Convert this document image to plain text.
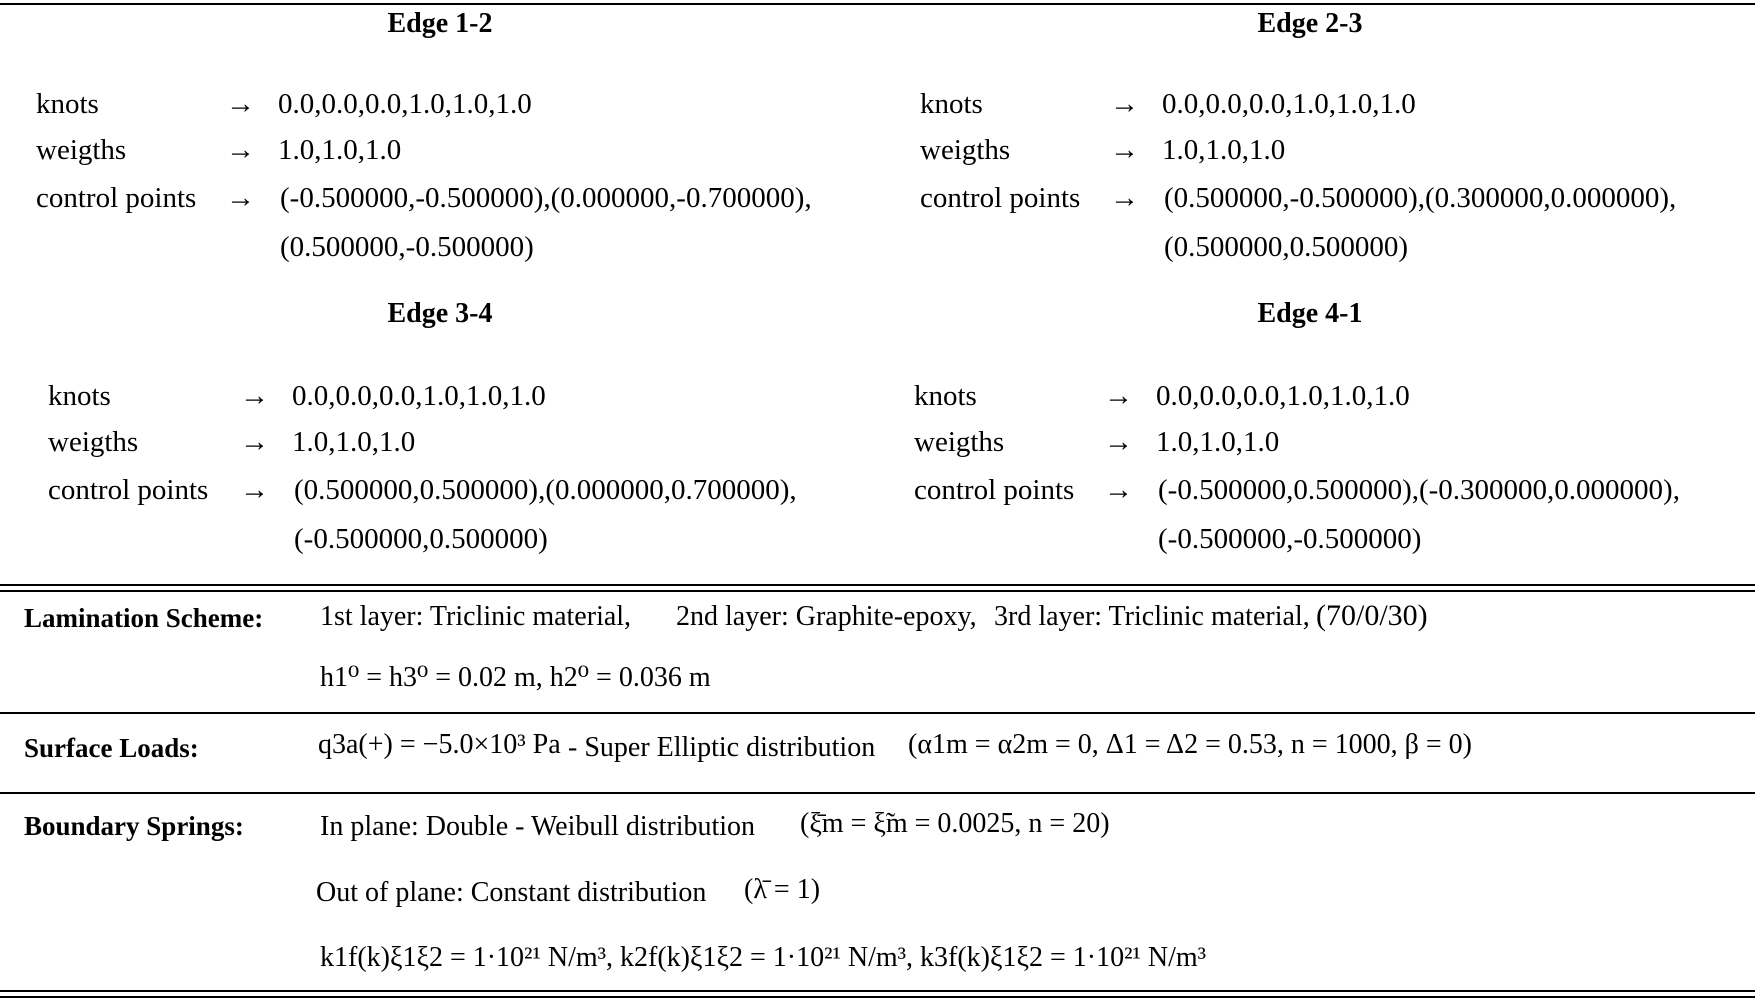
Edge 1-2
knots	→ 0.0,0.0,0.0,1.0,1.0,1.0
weigths	→ 1.0,1.0,1.0
control points → (-0.500000,-0.500000),(0.000000,-0.700000),
(0.500000,-0.500000)
Edge 2-3
knots	→ 0.0,0.0,0.0,1.0,1.0,1.0
weigths	→ 1.0,1.0,1.0
control points → (0.500000,-0.500000),(0.300000,0.000000),
(0.500000,0.500000)
Edge 3-4
knots	→ 0.0,0.0,0.0,1.0,1.0,1.0
weigths	→ 1.0,1.0,1.0
control points → (0.500000,0.500000),(0.000000,0.700000),
(-0.500000,0.500000)
Edge 4-1
knots	→ 0.0,0.0,0.0,1.0,1.0,1.0
weigths	→ 1.0,1.0,1.0
control points → (-0.500000,0.500000),(-0.300000,0.000000),
(-0.500000,-0.500000)
Lamination Scheme: 1st layer: Triclinic material, 2nd layer: Graphite-epoxy, 3rd layer: Triclinic material, (70/0/30)
h1⁰ = h3⁰ = 0.02 m, h2⁰ = 0.036 m
Surface Loads:	q3a(+) = −5.0×10³ Pa - Super Elliptic distribution (α1m = α2m = 0, Δ1 = Δ2 = 0.53, n = 1000, β = 0)
Boundary Springs:	In plane: Double - Weibull distribution (ξ̄m = ξ̃m = 0.0025, n = 20)
Out of plane: Constant distribution (λ̄ = 1)
k1f(k)ξ1ξ2 = 1·10²¹ N/m³, k2f(k)ξ1ξ2 = 1·10²¹ N/m³, k3f(k)ξ1ξ2 = 1·10²¹ N/m³
